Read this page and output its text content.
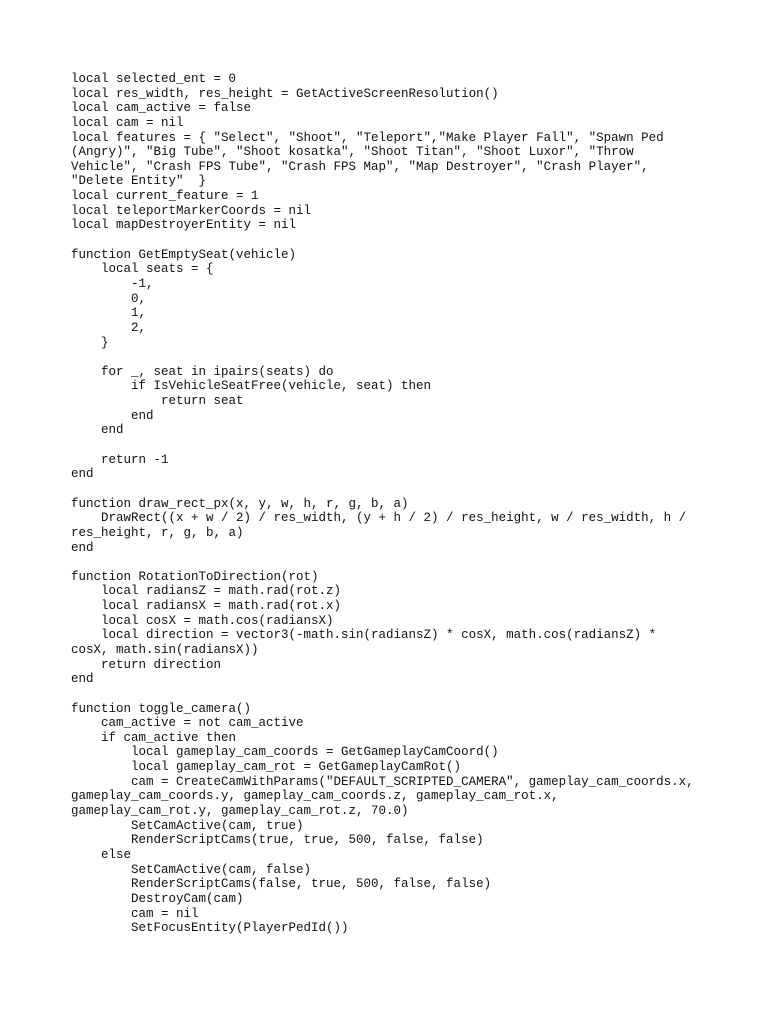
local selected_ent = 0
local res_width, res_height = GetActiveScreenResolution()
local cam_active = false
local cam = nil
local features = { "Select", "Shoot", "Teleport","Make Player Fall", "Spawn Ped
(Angry)", "Big Tube", "Shoot kosatka", "Shoot Titan", "Shoot Luxor", "Throw
Vehicle", "Crash FPS Tube", "Crash FPS Map", "Map Destroyer", "Crash Player",
"Delete Entity"  }
local current_feature = 1
local teleportMarkerCoords = nil
local mapDestroyerEntity = nil
function GetEmptySeat(vehicle)
local seats = {
-1,
0,
1,
2,
}
for _, seat in ipairs(seats) do
if IsVehicleSeatFree(vehicle, seat) then
return seat
end
end
return -1
end
function draw_rect_px(x, y, w, h, r, g, b, a)
DrawRect((x + w / 2) / res_width, (y + h / 2) / res_height, w / res_width, h /
res_height, r, g, b, a)
end
function RotationToDirection(rot)
local radiansZ = math.rad(rot.z)
local radiansX = math.rad(rot.x)
local cosX = math.cos(radiansX)
local direction = vector3(-math.sin(radiansZ) * cosX, math.cos(radiansZ) *
cosX, math.sin(radiansX))
return direction
end
function toggle_camera()
cam_active = not cam_active
if cam_active then
local gameplay_cam_coords = GetGameplayCamCoord()
local gameplay_cam_rot = GetGameplayCamRot()
cam = CreateCamWithParams("DEFAULT_SCRIPTED_CAMERA", gameplay_cam_coords.x,
gameplay_cam_coords.y, gameplay_cam_coords.z, gameplay_cam_rot.x,
gameplay_cam_rot.y, gameplay_cam_rot.z, 70.0)
SetCamActive(cam, true)
RenderScriptCams(true, true, 500, false, false)
else
SetCamActive(cam, false)
RenderScriptCams(false, true, 500, false, false)
DestroyCam(cam)
cam = nil
SetFocusEntity(PlayerPedId())
